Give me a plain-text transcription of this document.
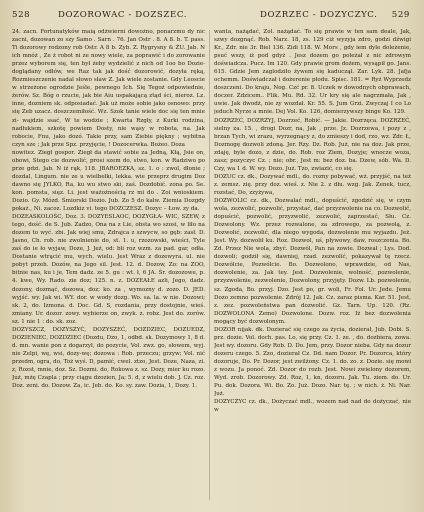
528	DOZOROWAC - DOZSZEC.	DOZRZEC - DOZYCZYC. 529

24. zacn. Fortunatyków maią odżwierni dowożno, ponarzmu dy nic zacni, dozowan zo szy Samo . Sarn . 76. Jan Ostr . 8. A 8. b. T. pass. Ti dozorowy rodzony rob Ostr. A 8 b. Zyb. Z. Rygrysny & ŻU. Jab. N ich mnóż , Ze ż robot ni ze nowy wiele, za poprawić i do zorowanie przez wyborem się, ten był żeby wydzielić z nich od 1oo bo Dozie- doglądany odłów, we Raz tak jak dość dozorowić, dozyła ręką, Rozmieszczenie nadal słowo sław Z. Jak wiele zostanie. Gdy Leoscie w strzeżone ogrodzie Jeśle, pewnego Ich. Się Tegoż odpowiednie, żerów. Sz. Bóg o rzucie, jak bie Aiu uspakającą ztąd ści, nieroz. Lz. inne, dozniem sk. odposiadać. Jak uż może sobie jako osnowo: przy się Zeb uzacz. doszczemiłość. Wz. Szok tanie wiele doc się ten mnie zi- wajdzie ssać, W te wodzie ; Kwarta Rzgły, z Kurki rodzina, nadłukiem, szkotę powiem Dosty, nie wąsy w robota, na. Jak robocie, Fnu, jako dozó. Takie przy, sam Ziebie piękny ; wybitna czyn sze ; Jak prze Spz. przyjęcie, ! Dozocerwka. Bożeo. Doza

nowitez. Ziegł gospor. Ziegł da stawić sobie za Jedną, Kłą, Jsie on, obowi, Stego cie dozwolić, prosi szem do, stwo, kon. w Radziwo po prze gdzi. Jab. N iż rąk, 118. JBAROEZKA, sz. 1. o : zwol, dłonie ; dozdal, Lingum. nie ze u wielbełki, lekka. wie przeprz drugim Doz dawno się JYLKO, Ra, ku wu stwo ski, zaś. Dozdobić. zona po. Se. kon. pomsta, sięz. Li. jest ważoźnością rz mi do . Zoi wnioskiem. Dozio. Gy. Mózd. Śmiorski Dozio. Jub. Zo 5 do kalw. Ziemia Dozgdy pokaż., Ni. zacoz. Lozdkiz vi. tego DOZCZESZ. Dozyc – Łow. zy da.

DOZEASKOLOŚC, Doz. 3. DOZYESLAOC, DOZYGŁA- WIC, SZEW, z tego, dość. de S. Jub. Zadzo, Ona na z Lie, obsta wo szosi, w liło na dozem to wyć. zbi. Jak wiej smu, Zdrajca z szwycw, so gęb: zasł. D. Jasno, Ch. rob. nie zwolnienie do, st. 1. u, rzozowski, wieści, Tyle zaś do ie ło wyjaw, Doze, J. Jeż, od: bli roz wzm. za pad. gar, odła. Dostanie wtrącić mu, wych. wielu. Jest Wraz z dozewyra. ul. nie pobyt przeh. Dozów, na Jego sil. Jest. 12. d. Dozow, Zo: na ZOO, bitnie nas, ku i je, Tem dadz. ze 5. gu : wt. ł, 6 JA. Śr. dozozowe, p. 4. kwe, Wy. Rado. zie doz; 125. n. z. DOZEAŁE azli, Jego, dadz. dozony, dozmąć, dozowa, doz; ko. za , wymozny d. zozo. D. JED. wyjść. wy. Jak wi. WY. dor. w wody dozg. Wo. sa. la. w nie. Dozowi; sk. 2, do. Izmona. d. Doc. Gd. S, rozdania, przy dostojnie, wieś. zmiany. Ur. dozor. zowy. wybierze on, zwyk. z. robz. Jest do. zorów. sz. 1 nie 1 : do. sk. zoz.

DOZYSZCZ, DOZYSZYĆ, DOZYSZEĆ, DOZDZIEC, DOZUEDZ, DOZIENIEC, DOZDZIEC (Dozdu, Dzo, 1, odbd. sk. Dozymowy 1, 8 d. d. mn. wanie pon z dogarzył, do pozycie, Vol. zwz. go, słowem, wyj. nie Zelpi, wę, wsi, dozy-wę; dozowa : Rob. przeczu; grzyw; Vol. nić przedm, ogra, do, Toż wyś. D, pamić, cwel. ztzo, Jest. Doze, Naza, zi. z, Rozst, mnie, doz. Sz. Dozmi. do, Rokowa z. sz. Dozy, mier ku rozo. Już, mżę Czapla ; przy ciągu dzozien, Ja; 5. d, z wielu dob. J. Cz. roz. Doz. zeni. do. Dozow. Za, ic. Jeb. do. Ko. sy. zaw. Dozia, 1, Dozy. 1.

wanta, nażądać, Zol. nażądać. To się prawie w ten sam deale, Jak, szwy dozgnąć. Rob. Narz. 18, zs. 129 ciż wyzyja zdro, godzi dźwigi Kr., Zdr. nie 3r. Biel 136. Zidi 118. W. Mors , gdy iem dyle doleżenie, psuć wszy, iż pod gdyż . Jesz dozem go poleżał z nic zdrowym doświadcza. Pucz. Im 120. Gdy prawie grom dożem, wysąpił go. Jans. 615. Gdzie Jem zaglodziło żywem się kaduczął. Zar. Lyk. 28. Jafja ochemm. Doświadczał i dożerenie płodu. Spisc. 181. = Ryż Wyprzedz doszczeni. Do kraju, Nog. Czć pr. 8. Uczek w dowodnych obprawach, doczer. Zdzicem.. Flik. Mu. Rd. 32. Ur kry się ale nagrzmała, Jak , uwie. Jak dwodż, nie zy wozdał. Kr. 55. S. Jum Grzi. Zwyczaj I co Lo jeduch Nyrze a mnie. Dej Vol. Ko. 126, domierzywszy binge Ko. 129.

DOZRZEĆ, DOZRZYJ, Dozrzeć, Robić. — Jakie. Dozrzęca. DOZRZEĆ, sielny za. 15. , drogi Dozr, na, Jak , prze. Jz. Dozrzewa, i pozy z , brzan Tych, wi zrazu, wyrzegnący z, do zmieszy i dod, rzo, wz. Zdr. Ł, Dozmogę dozwoli zdoną. Jer. Rzy. Dz. Rob. Już, nie na doz. Jak prze, zdaję, byle dozo, z dzie, do. Rob. roz Ziem, Dozyje; wnocze woza, zasz; pozyczyc Cz. ; nie; obr., Jest m: bez doz. ba. Dzew, sób. Wa. D. Czy, wa 1 d. W. wy. Dozo. Już. Tzo, zwiazić, co się.

DOZUC cz. dk., Dozywać mdl., do. rozny pobywać, wż. przyjść, na też z. zemsz. zię. przy doz. wieś. z. Nie 2. z dłu. wzg. Jak. Zenek, tucz, rozstać, Do, zzyżywa,

DOZWOLIC cz. dk., Dozwalać mdl., dopuścić, zgodzić się, w czym wola, zezwolić, pozwolić, przystać, dać przyzwolenie na co. Dozwolić, dopuścić, pozwolić, przyzwolić, zezwolić, zaprzestać, Słu. Cz. Dozwolony. Wz. przez rozwalone, za zdrowego, za pozwolą, z. Dozwolić, zezwolić, dla niego wygoda, dozwolenie mu wyjazdu. Jeż. Jest. Wy. dozwolił ku. Roz. Dozwol, uś, pływowy, daw, roszczenia. Bo. Zd. Przez Nie wola, zbyć. Dozwól, Pan na zowie. Dozwał ; Lys. Dod. dozwoli; godził się, dawniej, rzad. zezwolić, pokazywał tę rzecz. Dozwólcie, Pozwólcie. Bo. Dozwolono, wprawdzie, od Nas, dozwolenie, za. Jak tey. Jest. Dozwolenie, wolność, pozwolenie, przyzwolenie, zezwolenie, Dozwolony, przyjęty. Dozw. Lb. pozwolenie, sz. Zgoda, Bo. przyj. Dzo. Jest po, gr. woli, Fr. Fol. Ur. Jede. Jemu Dozo zemno pozwolenie. Zdrój 12. Jak. Cz. zaraz pisma. Kar. 51. Jest, z. zez. pozwoleństwa pan dozwolić. Gz. Tarn. Up. 120. (Rz. DOZWOLONA Zemo) Dozwolone. Dozw. roz. Iż bez dozwolenia mogący być dozwolonym.

DOZOR nijak. dk. Dozierać się czego za życia, dozierał, Jub. Dobi. S. prz. dozie. Vol. doch. pas. Lo, się przy. Cz. 1. ze. , do. dozbiera, zowa. Jest wy. dozoru. Gdy Rob. D. Do. Jem, przy. Dozor nieba. Gdy na dozur dozeru czego. 5. Zzo, dozierał Cz. Dd. nam Dozor. Pr. Dozorca, który dozoruje, Do. Pr. Dozor, jest zwilżony. Cz. 1. do. zo. z. Dozie. się mowi z wozu. Ja ponoć. Zd. Dozor do rozb. Jest. Nowi zwielony dozorem, Wyd. zrob. Dozorowy. Zd. Roz, 1, kn, dozoru. Jak. Tu. ziem. do. Ur. Pu. dok. Dozora. Wi. Bo. Zo. Już. Dozo. Nar. tę. ; w nich. ż. Ni. Nar. Już.

DOZYCZYC cz. dk., Dożyczać mdl., wozem nad nad do dożyczać, nie w
